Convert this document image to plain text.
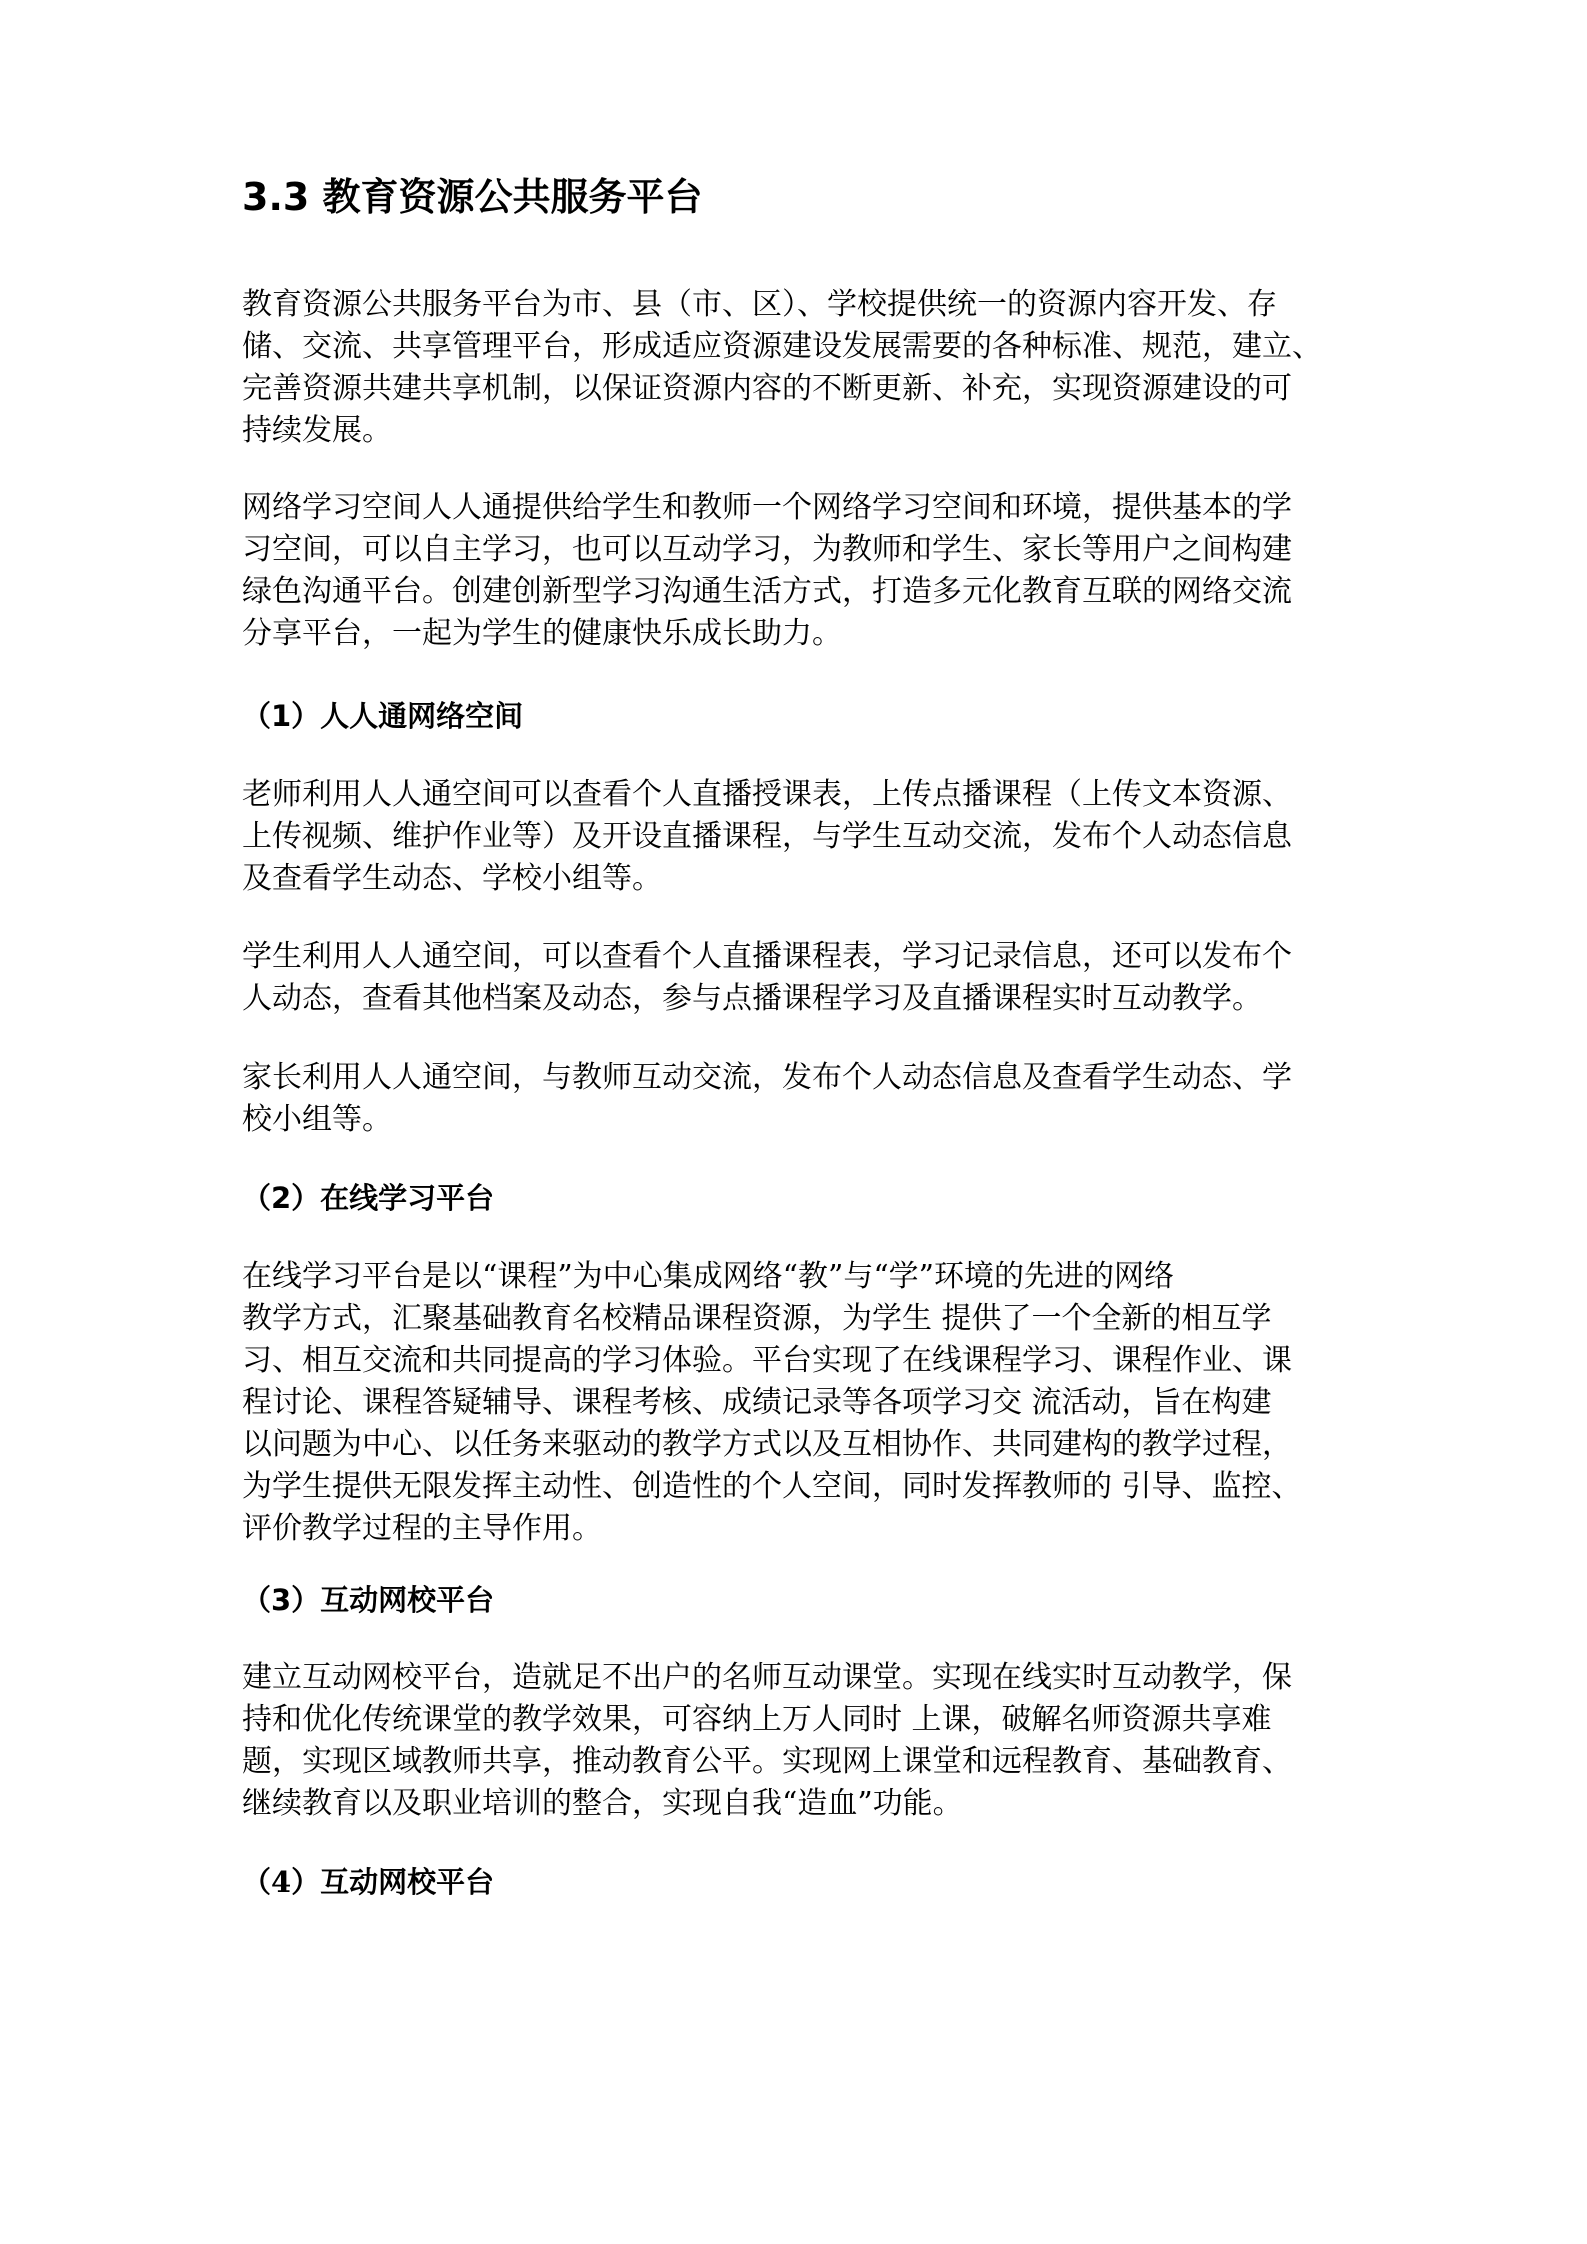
3.3 教育资源公共服务平台

教育资源公共服务平台为市、县（市、区）、学校提供统一的资源内容开发、存
储、交流、共享管理平台，形成适应资源建设发展需要的各种标准、规范，建立、
完善资源共建共享机制，以保证资源内容的不断更新、补充，实现资源建设的可
持续发展。

网络学习空间人人通提供给学生和教师一个网络学习空间和环境，提供基本的学
习空间，可以自主学习，也可以互动学习，为教师和学生、家长等用户之间构建
绿色沟通平台。创建创新型学习沟通生活方式，打造多元化教育互联的网络交流
分享平台，一起为学生的健康快乐成长助力。

（1）人人通网络空间

老师利用人人通空间可以查看个人直播授课表，上传点播课程（上传文本资源、
上传视频、维护作业等）及开设直播课程，与学生互动交流，发布个人动态信息
及查看学生动态、学校小组等。

学生利用人人通空间，可以查看个人直播课程表，学习记录信息，还可以发布个
人动态，查看其他档案及动态，参与点播课程学习及直播课程实时互动教学。

家长利用人人通空间，与教师互动交流，发布个人动态信息及查看学生动态、学
校小组等。

（2）在线学习平台

在线学习平台是以“课程”为中心集成网络“教”与“学”环境的先进的网络
教学方式，汇聚基础教育名校精品课程资源，为学生 提供了一个全新的相互学
习、相互交流和共同提高的学习体验。平台实现了在线课程学习、课程作业、课
程讨论、课程答疑辅导、课程考核、成绩记录等各项学习交 流活动，旨在构建
以问题为中心、以任务来驱动的教学方式以及互相协作、共同建构的教学过程，
为学生提供无限发挥主动性、创造性的个人空间，同时发挥教师的 引导、监控、
评价教学过程的主导作用。

（3）互动网校平台

建立互动网校平台，造就足不出户的名师互动课堂。实现在线实时互动教学，保
持和优化传统课堂的教学效果，可容纳上万人同时 上课，破解名师资源共享难
题，实现区域教师共享，推动教育公平。实现网上课堂和远程教育、基础教育、
继续教育以及职业培训的整合，实现自我“造血”功能。

（4）互动网校平台
